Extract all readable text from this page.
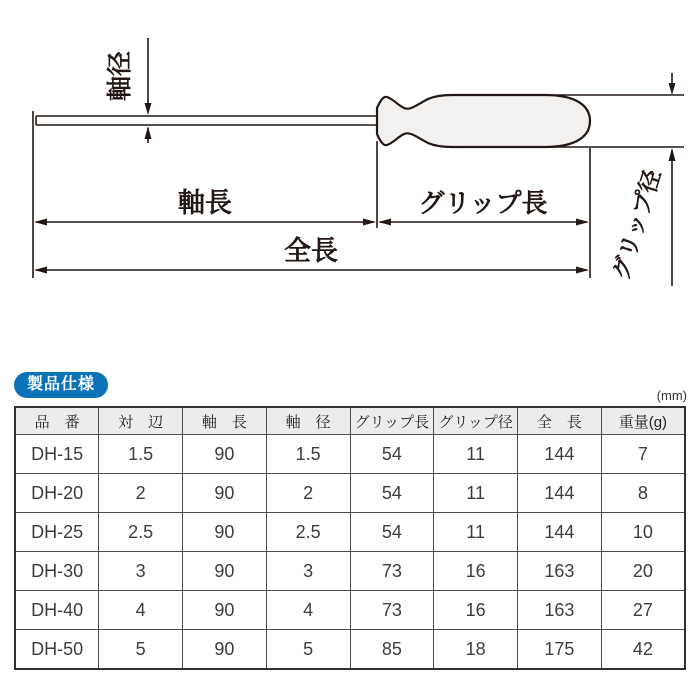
軸径
グリップ径
軸長	グリップ長
全長
製品仕様
(mm)
品　番	対　辺	軸　長	軸　径	グリップ長	グリップ径	全　長	重量(g)
DH-15	1.5	90	1.5	54	11	144	7
DH-20	2	90	2	54	11	144	8
DH-25	2.5	90	2.5	54	11	144	10
DH-30	3	90	3	73	16	163	20
DH-40	4	90	4	73	16	163	27
DH-50	5	90	5	85	18	175	42
